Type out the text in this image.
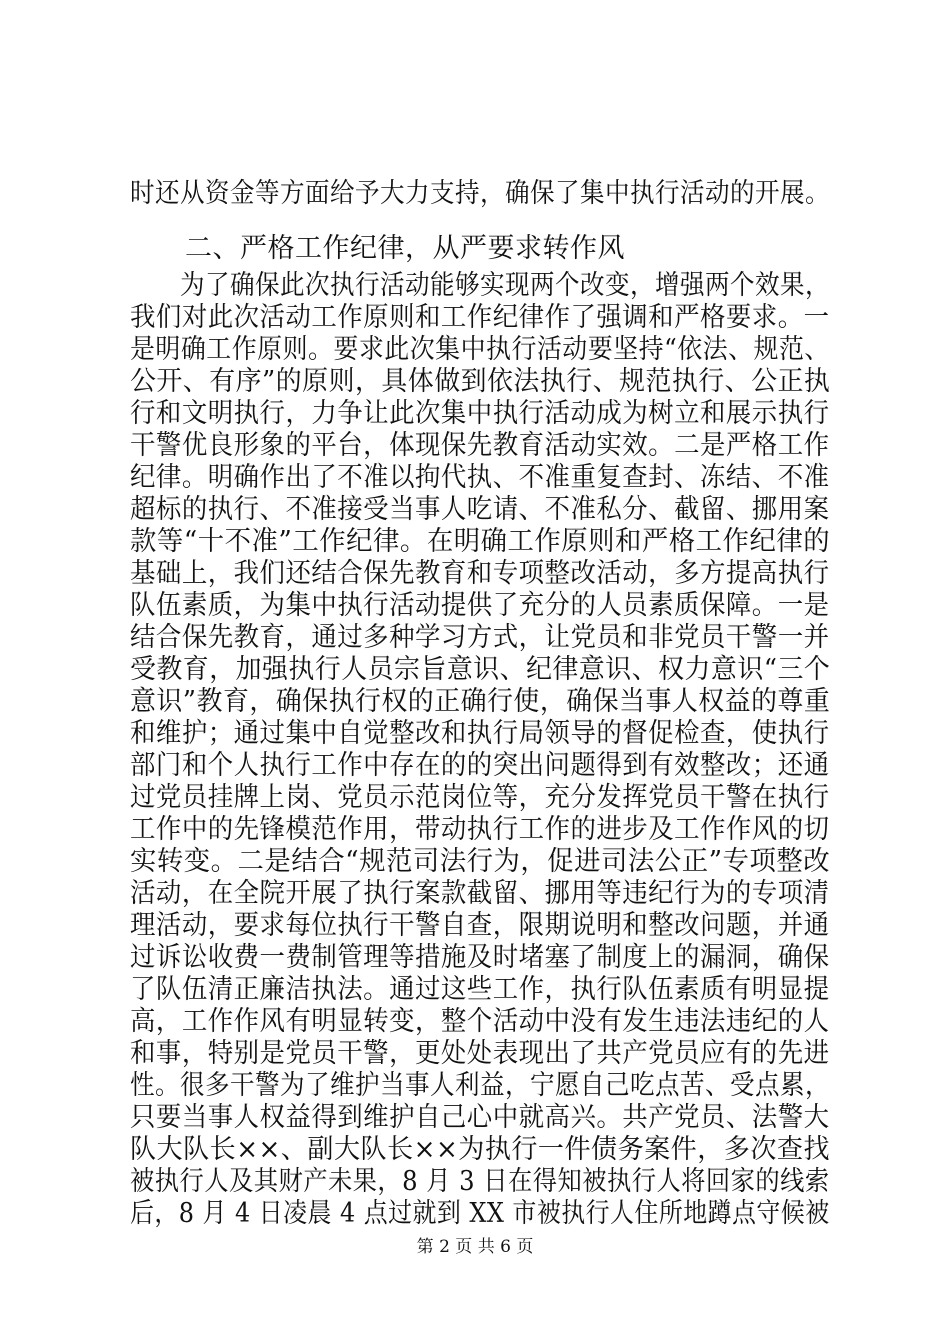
时还从资金等方面给予大力支持，确保了集中执行活动的开展。
　　二、严格工作纪律，从严要求转作风
　　为了确保此次执行活动能够实现两个改变，增强两个效果，
我们对此次活动工作原则和工作纪律作了强调和严格要求。一
是明确工作原则。要求此次集中执行活动要坚持“依法、规范、
公开、有序”的原则，具体做到依法执行、规范执行、公正执
行和文明执行，力争让此次集中执行活动成为树立和展示执行
干警优良形象的平台，体现保先教育活动实效。二是严格工作
纪律。明确作出了不准以拘代执、不准重复查封、冻结、不准
超标的执行、不准接受当事人吃请、不准私分、截留、挪用案
款等“十不准”工作纪律。在明确工作原则和严格工作纪律的
基础上，我们还结合保先教育和专项整改活动，多方提高执行
队伍素质，为集中执行活动提供了充分的人员素质保障。一是
结合保先教育，通过多种学习方式，让党员和非党员干警一并
受教育，加强执行人员宗旨意识、纪律意识、权力意识“三个
意识”教育，确保执行权的正确行使，确保当事人权益的尊重
和维护；通过集中自觉整改和执行局领导的督促检查，使执行
部门和个人执行工作中存在的的突出问题得到有效整改；还通
过党员挂牌上岗、党员示范岗位等，充分发挥党员干警在执行
工作中的先锋模范作用，带动执行工作的进步及工作作风的切
实转变。二是结合“规范司法行为，促进司法公正”专项整改
活动，在全院开展了执行案款截留、挪用等违纪行为的专项清
理活动，要求每位执行干警自查，限期说明和整改问题，并通
过诉讼收费一费制管理等措施及时堵塞了制度上的漏洞，确保
了队伍清正廉洁执法。通过这些工作，执行队伍素质有明显提
高，工作作风有明显转变，整个活动中没有发生违法违纪的人
和事，特别是党员干警，更处处表现出了共产党员应有的先进
性。很多干警为了维护当事人利益，宁愿自己吃点苦、受点累，
只要当事人权益得到维护自己心中就高兴。共产党员、法警大
队大队长××、副大队长××为执行一件债务案件，多次查找
被执行人及其财产未果，8 月 3 日在得知被执行人将回家的线索
后，8 月 4 日凌晨 4 点过就到 XX 市被执行人住所地蹲点守候被
第 2 页 共 6 页
